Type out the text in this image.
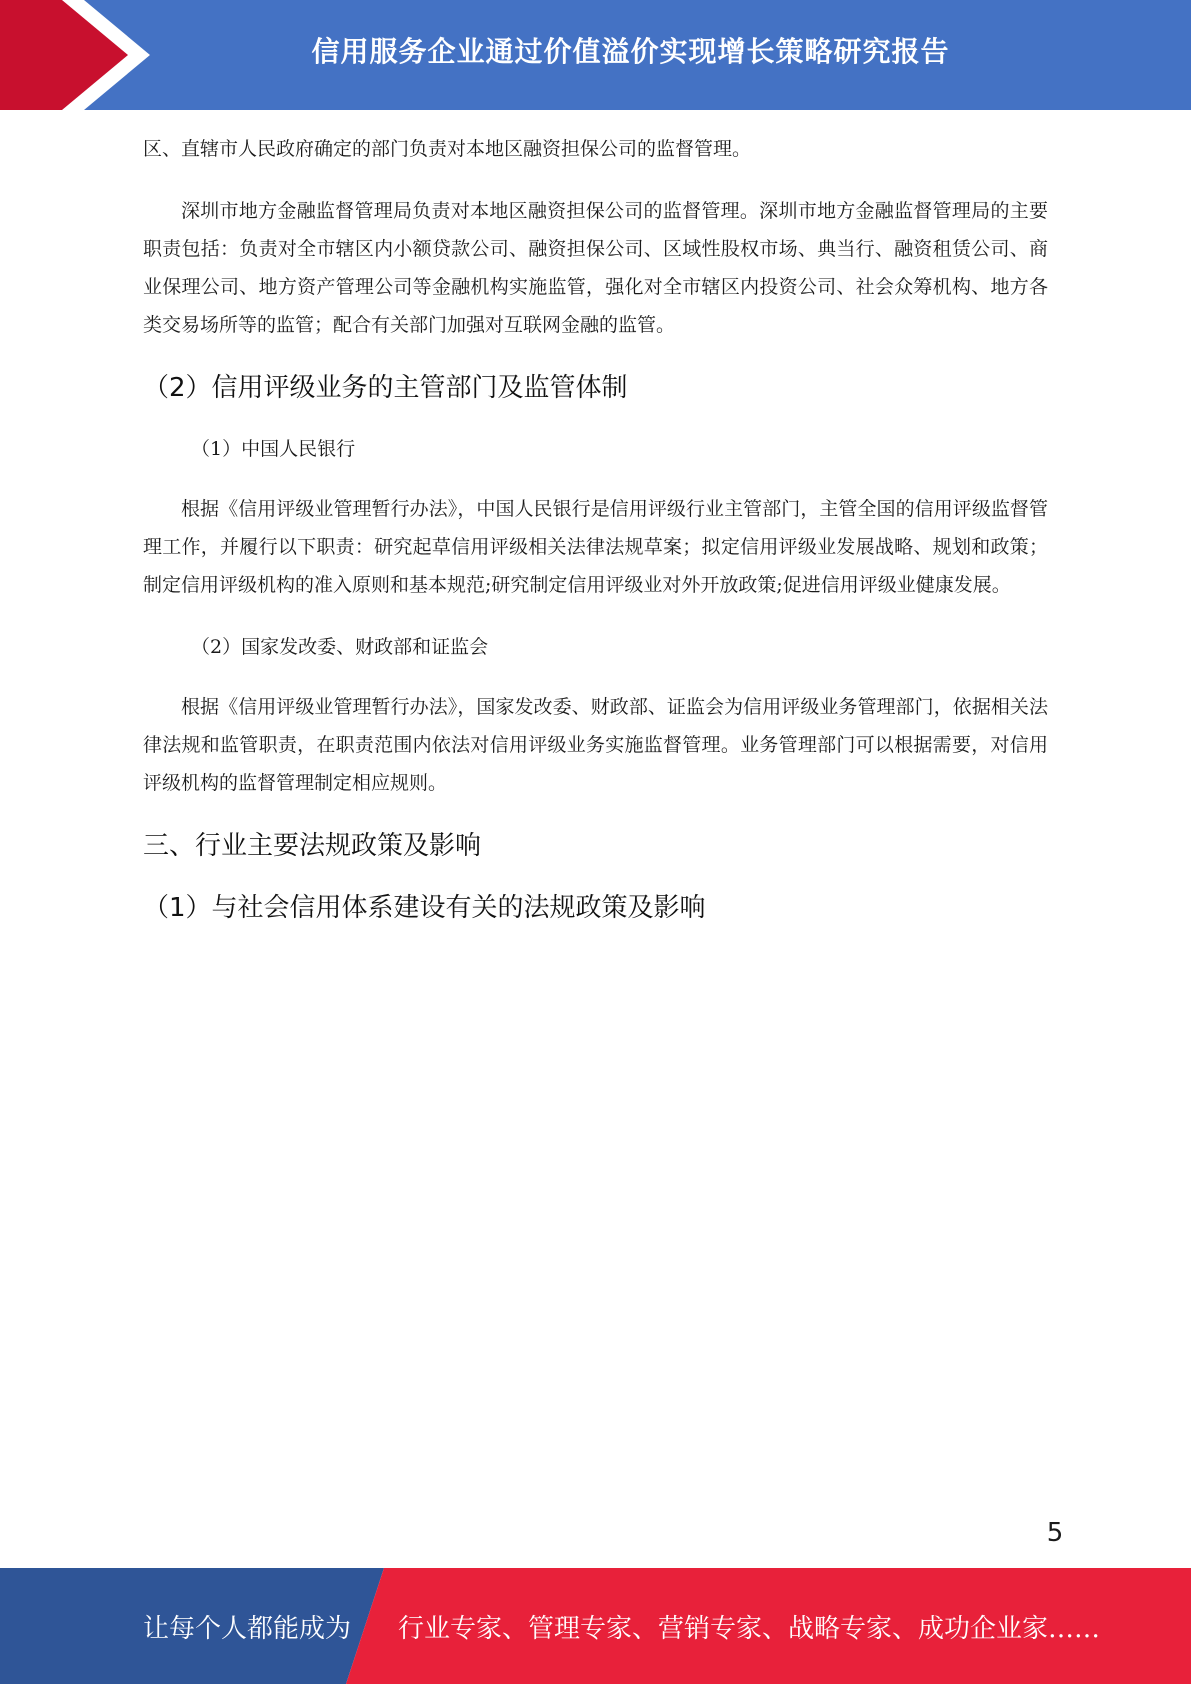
信用服务企业通过价值溢价实现增长策略研究报告

区、直辖市人民政府确定的部门负责对本地区融资担保公司的监督管理。

深圳市地方金融监督管理局负责对本地区融资担保公司的监督管理。深圳市地方金融监督管理局的主要职责包括：负责对全市辖区内小额贷款公司、融资担保公司、区域性股权市场、典当行、融资租赁公司、商业保理公司、地方资产管理公司等金融机构实施监管，强化对全市辖区内投资公司、社会众筹机构、地方各类交易场所等的监管；配合有关部门加强对互联网金融的监管。

（2）信用评级业务的主管部门及监管体制
（1）中国人民银行

根据《信用评级业管理暂行办法》，中国人民银行是信用评级行业主管部门，主管全国的信用评级监督管理工作，并履行以下职责：研究起草信用评级相关法律法规草案；拟定信用评级业发展战略、规划和政策；制定信用评级机构的准入原则和基本规范;研究制定信用评级业对外开放政策;促进信用评级业健康发展。

（2）国家发改委、财政部和证监会

根据《信用评级业管理暂行办法》，国家发改委、财政部、证监会为信用评级业务管理部门，依据相关法律法规和监管职责，在职责范围内依法对信用评级业务实施监督管理。业务管理部门可以根据需要，对信用评级机构的监督管理制定相应规则。

三、行业主要法规政策及影响
（1）与社会信用体系建设有关的法规政策及影响
5
让每个人都能成为 行业专家、管理专家、营销专家、战略专家、成功企业家……
